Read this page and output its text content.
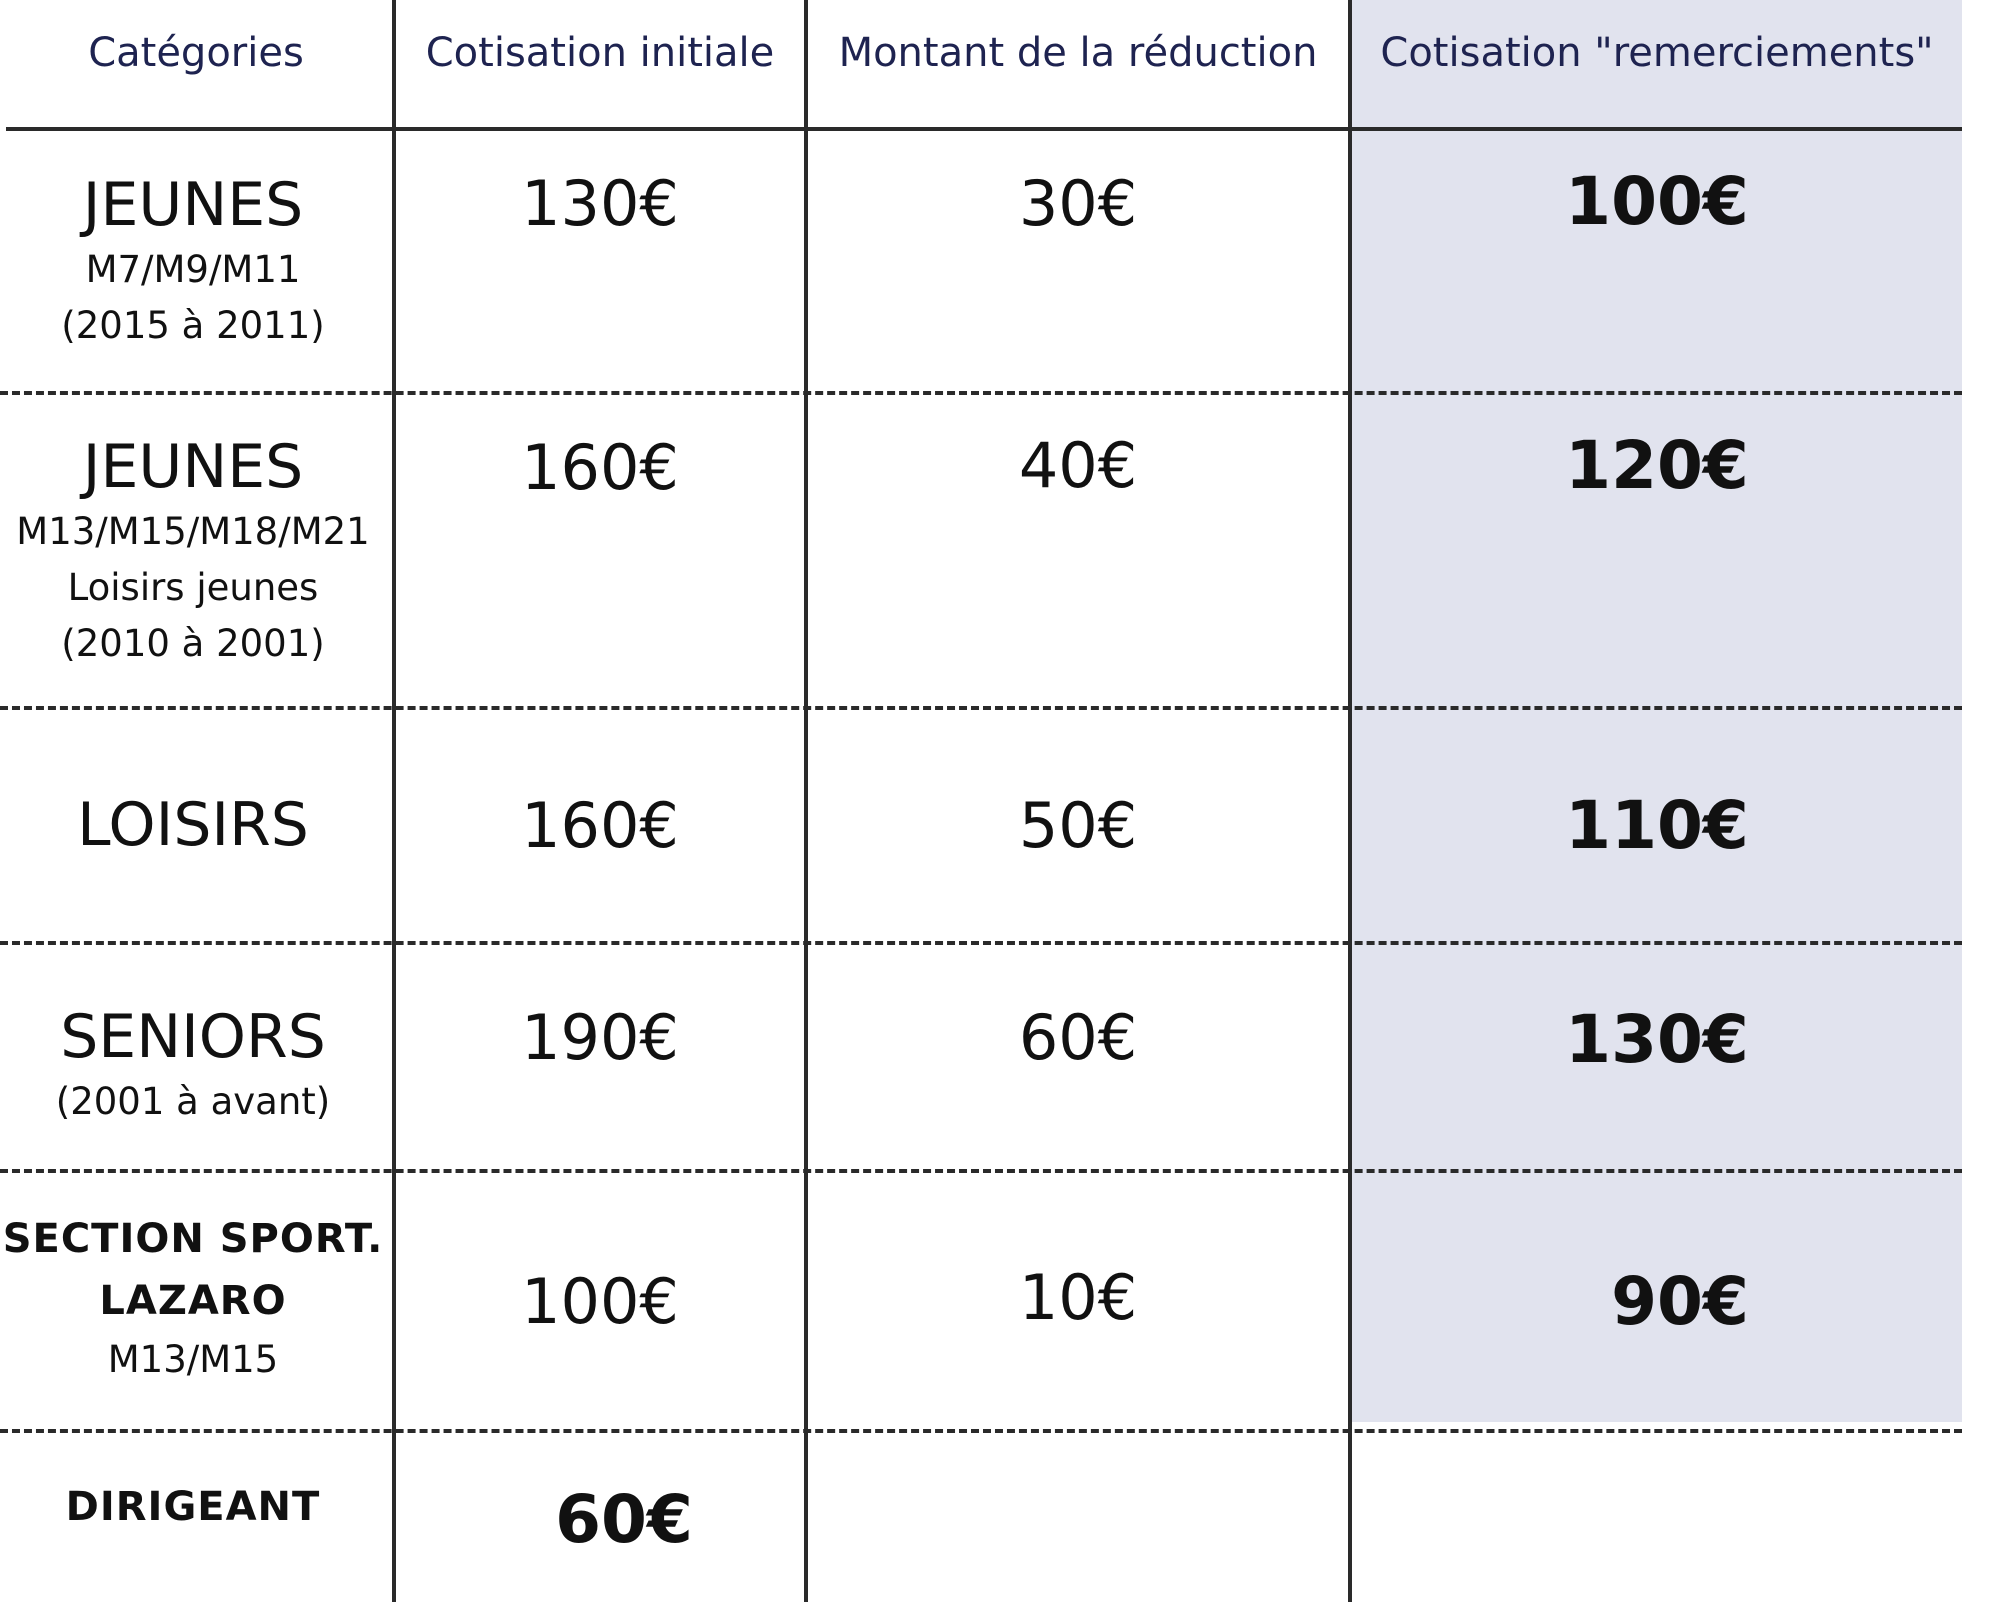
Catégories	Cotisation initiale	Montant de la réduction	Cotisation "remerciements"
JEUNES
M7/M9/M11
(2015 à 2011)
130€	30€	100€
JEUNES
M13/M15/M18/M21
Loisirs jeunes
(2010 à 2001)
160€	40€	120€
LOISIRS	160€	50€	110€
SENIORS
(2001 à avant)
190€	60€	130€
SECTION SPORT.
LAZARO
M13/M15
100€	10€	90€
DIRIGEANT	60€
